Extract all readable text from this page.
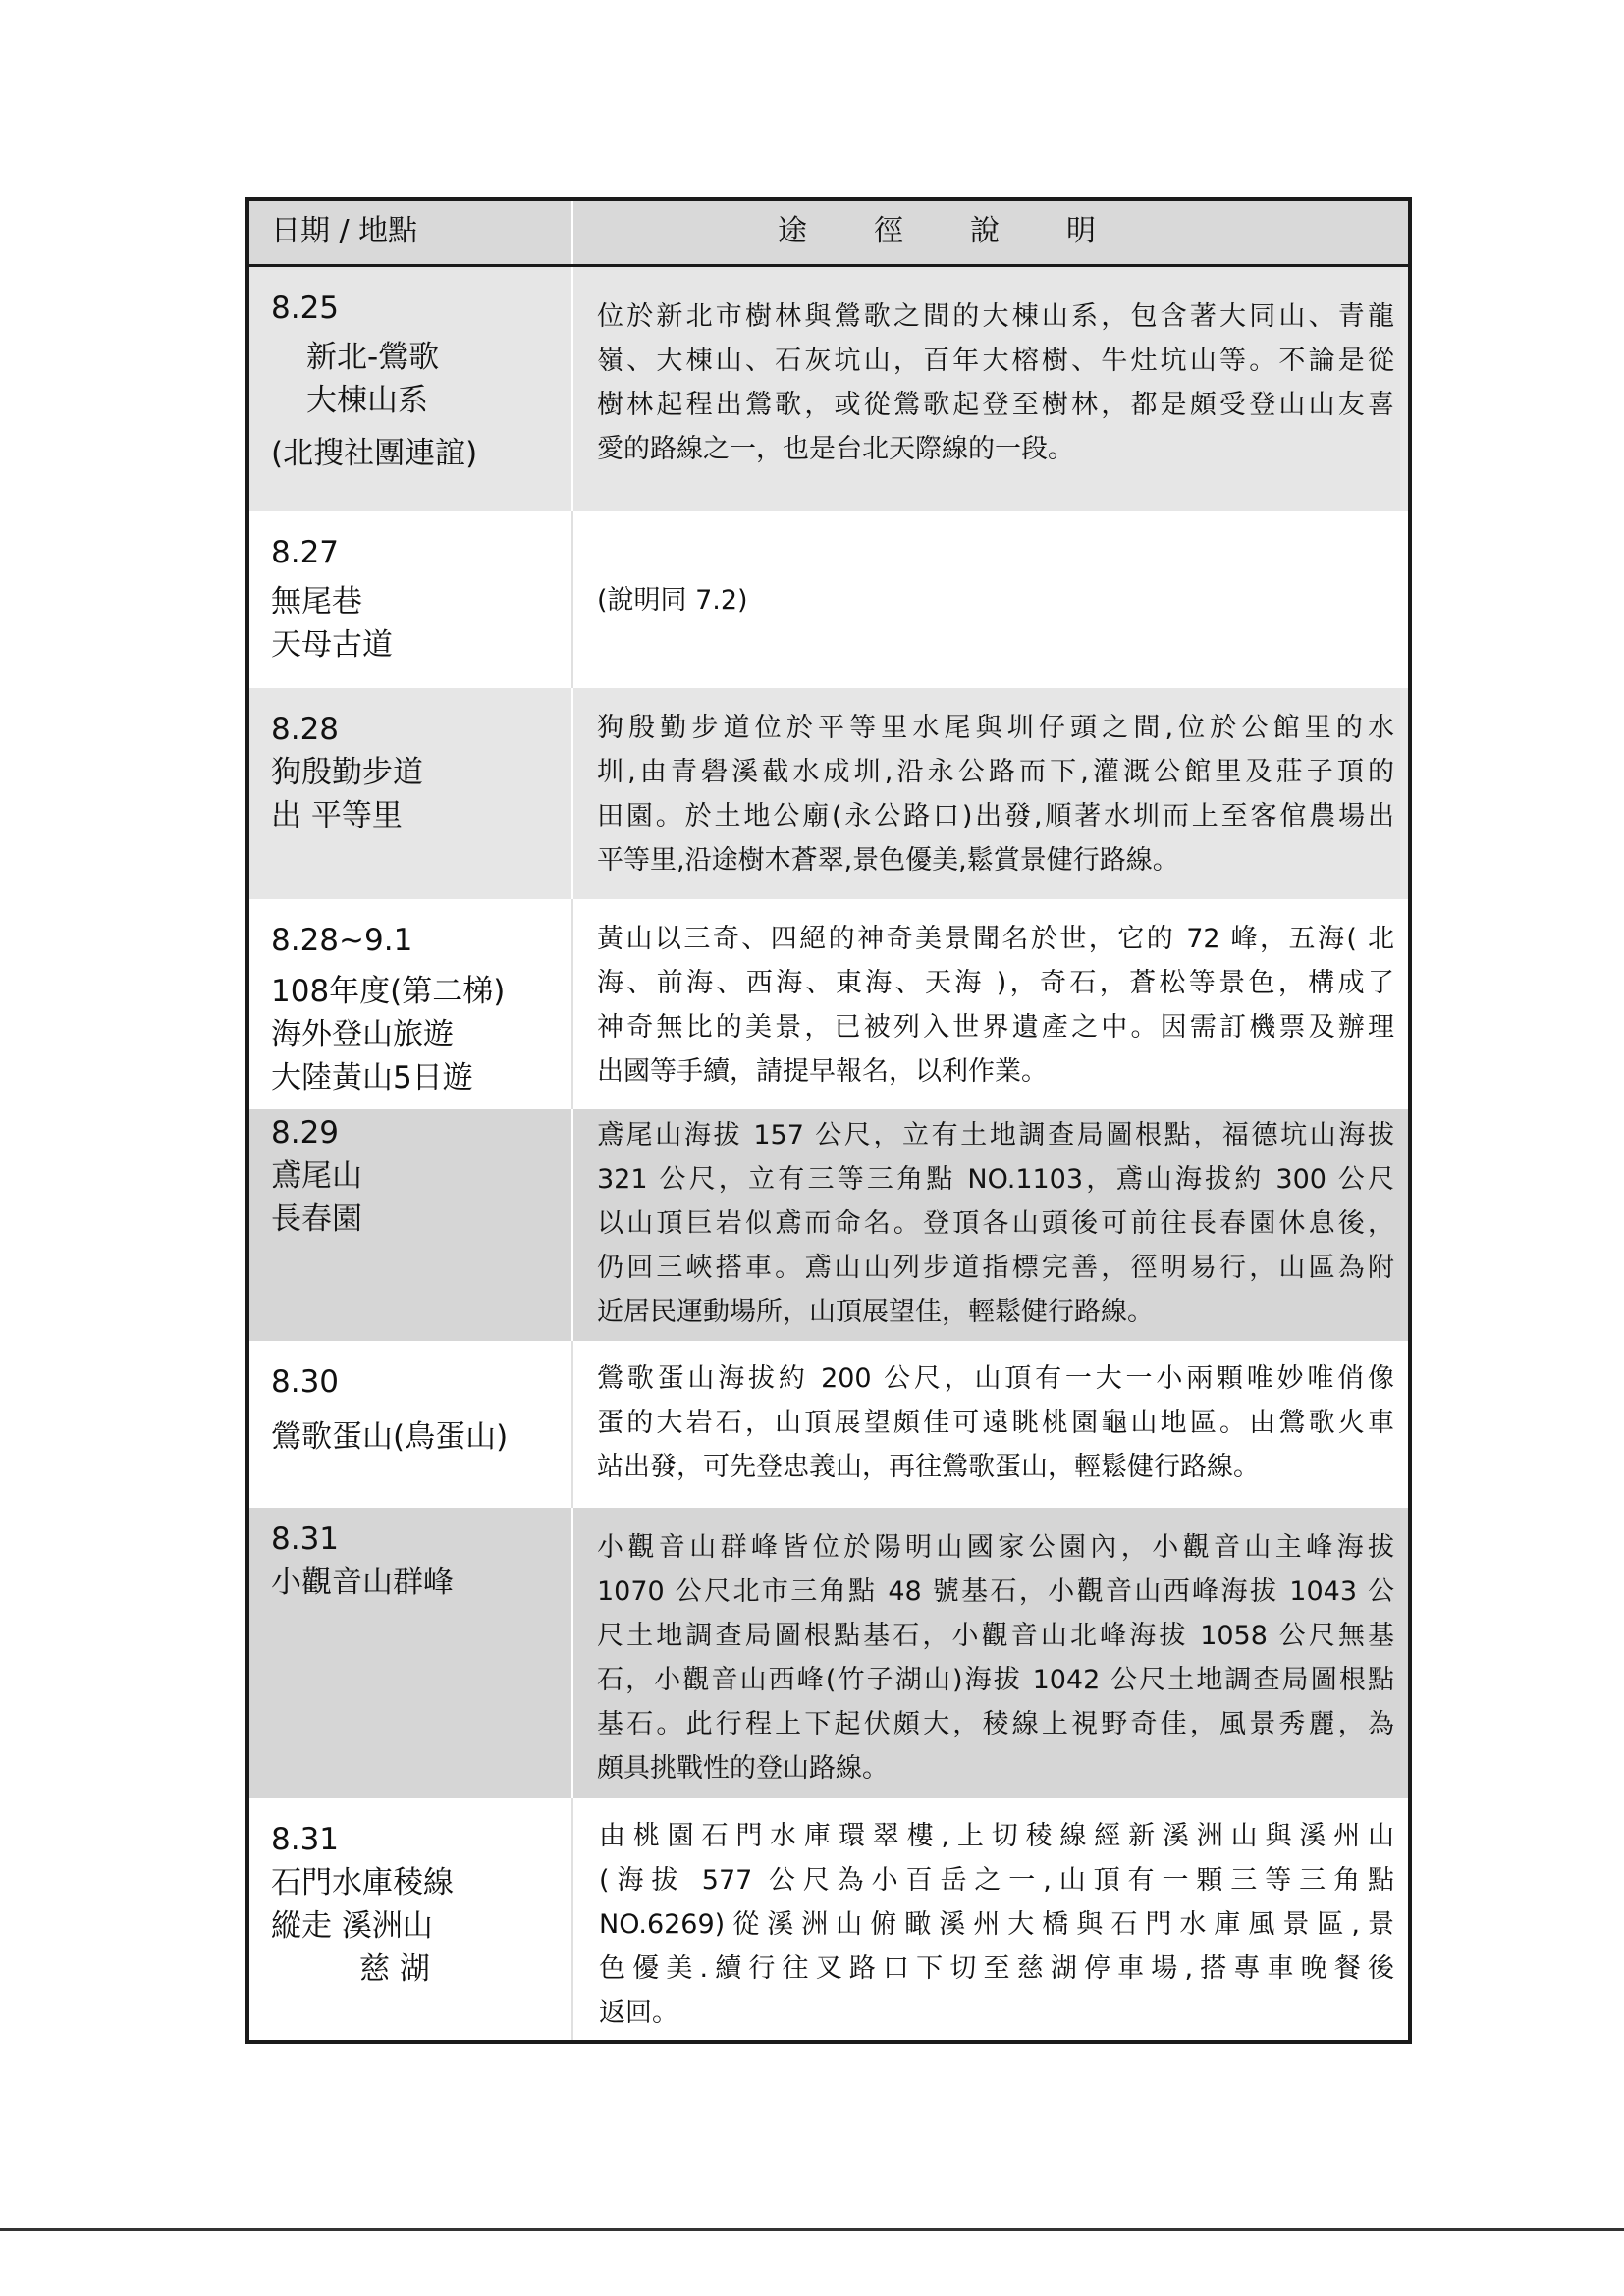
日期 / 地點	途 徑 說 明
8.25
新北-鶯歌
大棟山系
(北搜社團連誼)
位於新北市樹林與鶯歌之間的大棟山系，包含著大同山、青龍
嶺、大棟山、石灰坑山，百年大榕樹、牛灶坑山等。不論是從
樹林起程出鶯歌，或從鶯歌起登至樹林，都是頗受登山山友喜
愛的路線之一，也是台北天際線的一段。
8.27
無尾巷
天母古道
(說明同 7.2)
8.28
狗殷勤步道
出 平等里
狗殷勤步道位於平等里水尾與圳仔頭之間,位於公館里的水
圳,由青礐溪截水成圳,沿永公路而下,灌溉公館里及莊子頂的
田園。於土地公廟(永公路口)出發,順著水圳而上至客倌農場出
平等里,沿途樹木蒼翠,景色優美,鬆賞景健行路線。
8.28~9.1
108年度(第二梯)
海外登山旅遊
大陸黃山5日遊
黃山以三奇、四絕的神奇美景聞名於世，它的 72 峰，五海( 北
海、前海、西海、東海、天海 )，奇石，蒼松等景色，構成了
神奇無比的美景，已被列入世界遺產之中。因需訂機票及辦理
出國等手續，請提早報名，以利作業。
8.29
鳶尾山
長春園
鳶尾山海拔 157 公尺，立有土地調查局圖根點，福德坑山海拔
321 公尺，立有三等三角點 NO.1103，鳶山海拔約 300 公尺
以山頂巨岩似鳶而命名。登頂各山頭後可前往長春園休息後，
仍回三峽搭車。鳶山山列步道指標完善，徑明易行，山區為附
近居民運動場所，山頂展望佳，輕鬆健行路線。
8.30
鶯歌蛋山(鳥蛋山)
鶯歌蛋山海拔約 200 公尺，山頂有一大一小兩顆唯妙唯俏像
蛋的大岩石，山頂展望頗佳可遠眺桃園龜山地區。由鶯歌火車
站出發，可先登忠義山，再往鶯歌蛋山，輕鬆健行路線。
8.31
小觀音山群峰
小觀音山群峰皆位於陽明山國家公園內，小觀音山主峰海拔
1070 公尺北市三角點 48 號基石，小觀音山西峰海拔 1043 公
尺土地調查局圖根點基石，小觀音山北峰海拔 1058 公尺無基
石，小觀音山西峰(竹子湖山)海拔 1042 公尺土地調查局圖根點
基石。此行程上下起伏頗大，稜線上視野奇佳，風景秀麗，為
頗具挑戰性的登山路線。
8.31
石門水庫稜線
縱走 溪洲山
慈 湖
由桃園石門水庫環翠樓,上切稜線經新溪洲山與溪州山
(海拔 577 公尺為小百岳之一,山頂有一顆三等三角點
NO.6269)從溪洲山俯瞰溪州大橋與石門水庫風景區,景
色優美.續行往叉路口下切至慈湖停車場,搭專車晚餐後
返回。
